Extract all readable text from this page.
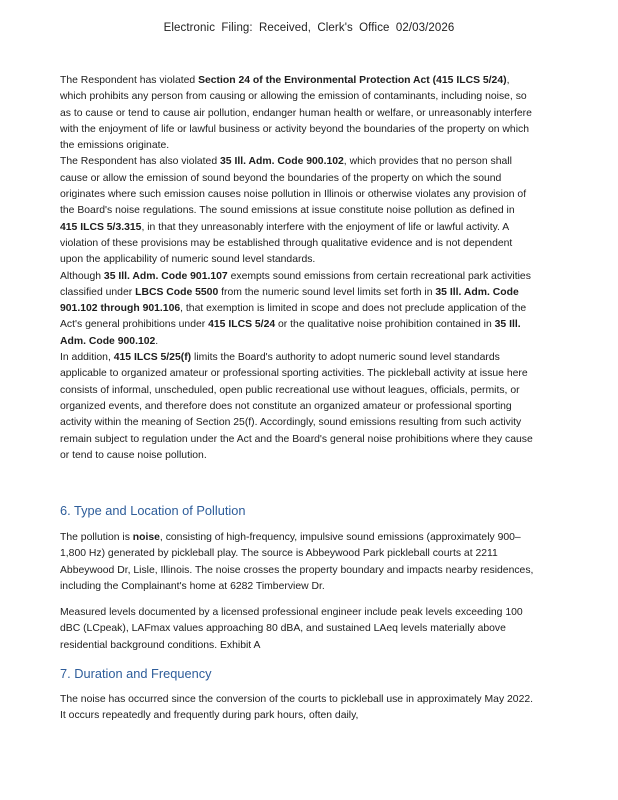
Electronic Filing: Received, Clerk's Office 02/03/2026

The Respondent has violated Section 24 of the Environmental Protection Act (415 ILCS 5/24), which prohibits any person from causing or allowing the emission of contaminants, including noise, so as to cause or tend to cause air pollution, endanger human health or welfare, or unreasonably interfere with the enjoyment of life or lawful business or activity beyond the boundaries of the property on which the emissions originate.

The Respondent has also violated 35 Ill. Adm. Code 900.102, which provides that no person shall cause or allow the emission of sound beyond the boundaries of the property on which the sound originates where such emission causes noise pollution in Illinois or otherwise violates any provision of the Board's noise regulations. The sound emissions at issue constitute noise pollution as defined in 415 ILCS 5/3.315, in that they unreasonably interfere with the enjoyment of life or lawful activity. A violation of these provisions may be established through qualitative evidence and is not dependent upon the applicability of numeric sound level standards.

Although 35 Ill. Adm. Code 901.107 exempts sound emissions from certain recreational park activities classified under LBCS Code 5500 from the numeric sound level limits set forth in 35 Ill. Adm. Code 901.102 through 901.106, that exemption is limited in scope and does not preclude application of the Act's general prohibitions under 415 ILCS 5/24 or the qualitative noise prohibition contained in 35 Ill. Adm. Code 900.102.

In addition, 415 ILCS 5/25(f) limits the Board's authority to adopt numeric sound level standards applicable to organized amateur or professional sporting activities. The pickleball activity at issue here consists of informal, unscheduled, open public recreational use without leagues, officials, permits, or organized events, and therefore does not constitute an organized amateur or professional sporting activity within the meaning of Section 25(f). Accordingly, sound emissions resulting from such activity remain subject to regulation under the Act and the Board's general noise prohibitions where they cause or tend to cause noise pollution.

6. Type and Location of Pollution

The pollution is noise, consisting of high-frequency, impulsive sound emissions (approximately 900–1,800 Hz) generated by pickleball play. The source is Abbeywood Park pickleball courts at 2211 Abbeywood Dr, Lisle, Illinois. The noise crosses the property boundary and impacts nearby residences, including the Complainant's home at 6282 Timberview Dr.

Measured levels documented by a licensed professional engineer include peak levels exceeding 100 dBC (LCpeak), LAFmax values approaching 80 dBA, and sustained LAeq levels materially above residential background conditions. Exhibit A

7. Duration and Frequency

The noise has occurred since the conversion of the courts to pickleball use in approximately May 2022. It occurs repeatedly and frequently during park hours, often daily,
